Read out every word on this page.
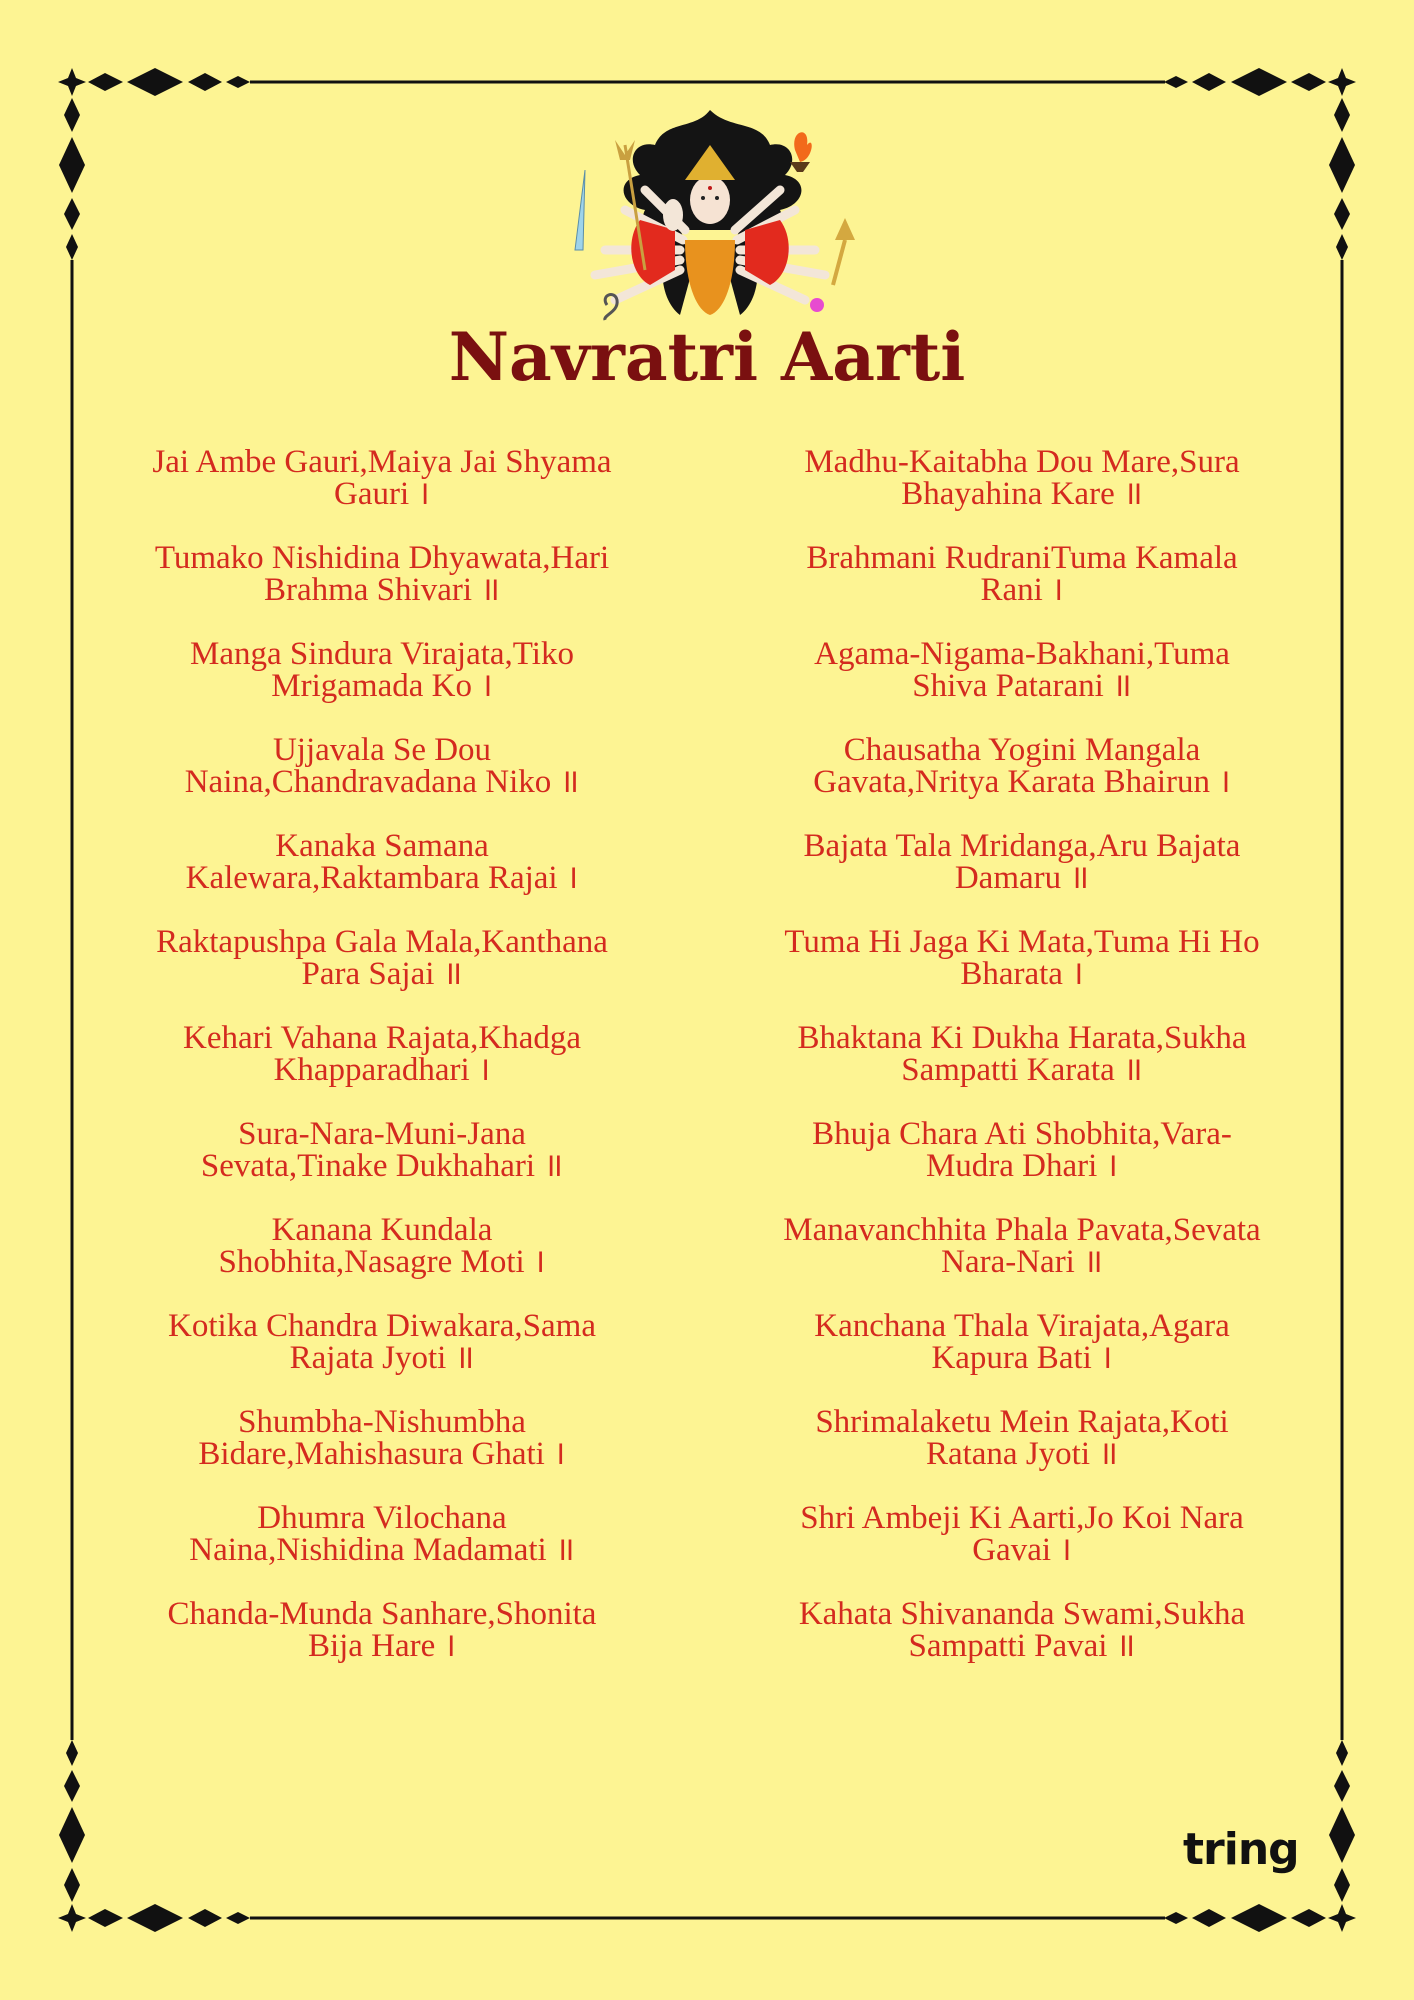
Navratri Aarti
Jai Ambe Gauri,Maiya Jai Shyama
Gauri ।
Tumako Nishidina Dhyawata,Hari
Brahma Shivari ॥
Manga Sindura Virajata,Tiko
Mrigamada Ko ।
Ujjavala Se Dou
Naina,Chandravadana Niko ॥
Kanaka Samana
Kalewara,Raktambara Rajai ।
Raktapushpa Gala Mala,Kanthana
Para Sajai ॥
Kehari Vahana Rajata,Khadga
Khapparadhari ।
Sura-Nara-Muni-Jana
Sevata,Tinake Dukhahari ॥
Kanana Kundala
Shobhita,Nasagre Moti ।
Kotika Chandra Diwakara,Sama
Rajata Jyoti ॥
Shumbha-Nishumbha
Bidare,Mahishasura Ghati ।
Dhumra Vilochana
Naina,Nishidina Madamati ॥
Chanda-Munda Sanhare,Shonita
Bija Hare ।
Madhu-Kaitabha Dou Mare,Sura
Bhayahina Kare ॥
Brahmani RudraniTuma Kamala
Rani ।
Agama-Nigama-Bakhani,Tuma
Shiva Patarani ॥
Chausatha Yogini Mangala
Gavata,Nritya Karata Bhairun ।
Bajata Tala Mridanga,Aru Bajata
Damaru ॥
Tuma Hi Jaga Ki Mata,Tuma Hi Ho
Bharata ।
Bhaktana Ki Dukha Harata,Sukha
Sampatti Karata ॥
Bhuja Chara Ati Shobhita,Vara-
Mudra Dhari ।
Manavanchhita Phala Pavata,Sevata
Nara-Nari ॥
Kanchana Thala Virajata,Agara
Kapura Bati ।
Shrimalaketu Mein Rajata,Koti
Ratana Jyoti ॥
Shri Ambeji Ki Aarti,Jo Koi Nara
Gavai ।
Kahata Shivananda Swami,Sukha
Sampatti Pavai ॥
tring
